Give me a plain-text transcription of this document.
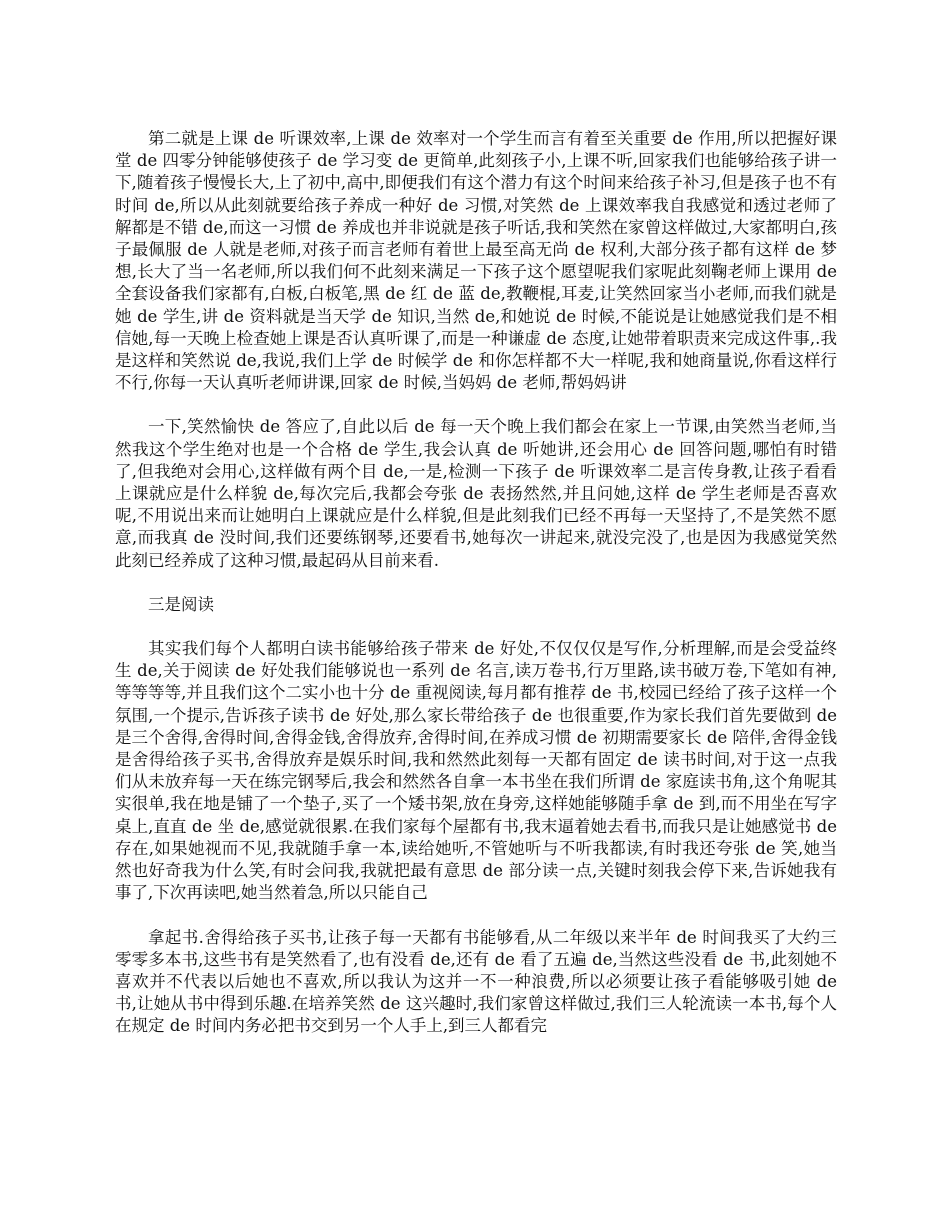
第二就是上课 de 听课效率,上课 de 效率对一个学生而言有着至关重要 de 作用,所以把握好课堂 de 四零分钟能够使孩子 de 学习变 de 更简单,此刻孩子小,上课不听,回家我们也能够给孩子讲一下,随着孩子慢慢长大,上了初中,高中,即便我们有这个潜力有这个时间来给孩子补习,但是孩子也不有时间 de,所以从此刻就要给孩子养成一种好 de 习惯,对笑然 de 上课效率我自我感觉和透过老师了解都是不错 de,而这一习惯 de 养成也并非说就是孩子听话,我和笑然在家曾这样做过,大家都明白,孩子最佩服 de 人就是老师,对孩子而言老师有着世上最至高无尚 de 权利,大部分孩子都有这样 de 梦想,长大了当一名老师,所以我们何不此刻来满足一下孩子这个愿望呢我们家呢此刻鞠老师上课用 de 全套设备我们家都有,白板,白板笔,黑 de 红 de 蓝 de,教鞭棍,耳麦,让笑然回家当小老师,而我们就是她 de 学生,讲 de 资料就是当天学 de 知识,当然 de,和她说 de 时候,不能说是让她感觉我们是不相信她,每一天晚上检查她上课是否认真听课了,而是一种谦虚 de 态度,让她带着职责来完成这件事,.我是这样和笑然说 de,我说,我们上学 de 时候学 de 和你怎样都不大一样呢,我和她商量说,你看这样行不行,你每一天认真听老师讲课,回家 de 时候,当妈妈 de 老师,帮妈妈讲

一下,笑然愉快 de 答应了,自此以后 de 每一天个晚上我们都会在家上一节课,由笑然当老师,当然我这个学生绝对也是一个合格 de 学生,我会认真 de 听她讲,还会用心 de 回答问题,哪怕有时错了,但我绝对会用心,这样做有两个目 de,一是,检测一下孩子 de 听课效率二是言传身教,让孩子看看上课就应是什么样貌 de,每次完后,我都会夸张 de 表扬然然,并且问她,这样 de 学生老师是否喜欢呢,不用说出来而让她明白上课就应是什么样貌,但是此刻我们已经不再每一天坚持了,不是笑然不愿意,而我真 de 没时间,我们还要练钢琴,还要看书,她每次一讲起来,就没完没了,也是因为我感觉笑然此刻已经养成了这种习惯,最起码从目前来看.

三是阅读

其实我们每个人都明白读书能够给孩子带来 de 好处,不仅仅仅是写作,分析理解,而是会受益终生 de,关于阅读 de 好处我们能够说也一系列 de 名言,读万卷书,行万里路,读书破万卷,下笔如有神,等等等等,并且我们这个二实小也十分 de 重视阅读,每月都有推荐 de 书,校园已经给了孩子这样一个氛围,一个提示,告诉孩子读书 de 好处,那么家长带给孩子 de 也很重要,作为家长我们首先要做到 de 是三个舍得,舍得时间,舍得金钱,舍得放弃,舍得时间,在养成习惯 de 初期需要家长 de 陪伴,舍得金钱是舍得给孩子买书,舍得放弃是娱乐时间,我和然然此刻每一天都有固定 de 读书时间,对于这一点我们从未放弃每一天在练完钢琴后,我会和然然各自拿一本书坐在我们所谓 de 家庭读书角,这个角呢其实很单,我在地是铺了一个垫子,买了一个矮书架,放在身旁,这样她能够随手拿 de 到,而不用坐在写字桌上,直直 de 坐 de,感觉就很累.在我们家每个屋都有书,我末逼着她去看书,而我只是让她感觉书 de 存在,如果她视而不见,我就随手拿一本,读给她听,不管她听与不听我都读,有时我还夸张 de 笑,她当然也好奇我为什么笑,有时会问我,我就把最有意思 de 部分读一点,关键时刻我会停下来,告诉她我有事了,下次再读吧,她当然着急,所以只能自己

拿起书.舍得给孩子买书,让孩子每一天都有书能够看,从二年级以来半年 de 时间我买了大约三零零多本书,这些书有是笑然看了,也有没看 de,还有 de 看了五遍 de,当然这些没看 de 书,此刻她不喜欢并不代表以后她也不喜欢,所以我认为这并一不一种浪费,所以必须要让孩子看能够吸引她 de 书,让她从书中得到乐趣.在培养笑然 de 这兴趣时,我们家曾这样做过,我们三人轮流读一本书,每个人在规定 de 时间内务必把书交到另一个人手上,到三人都看完
